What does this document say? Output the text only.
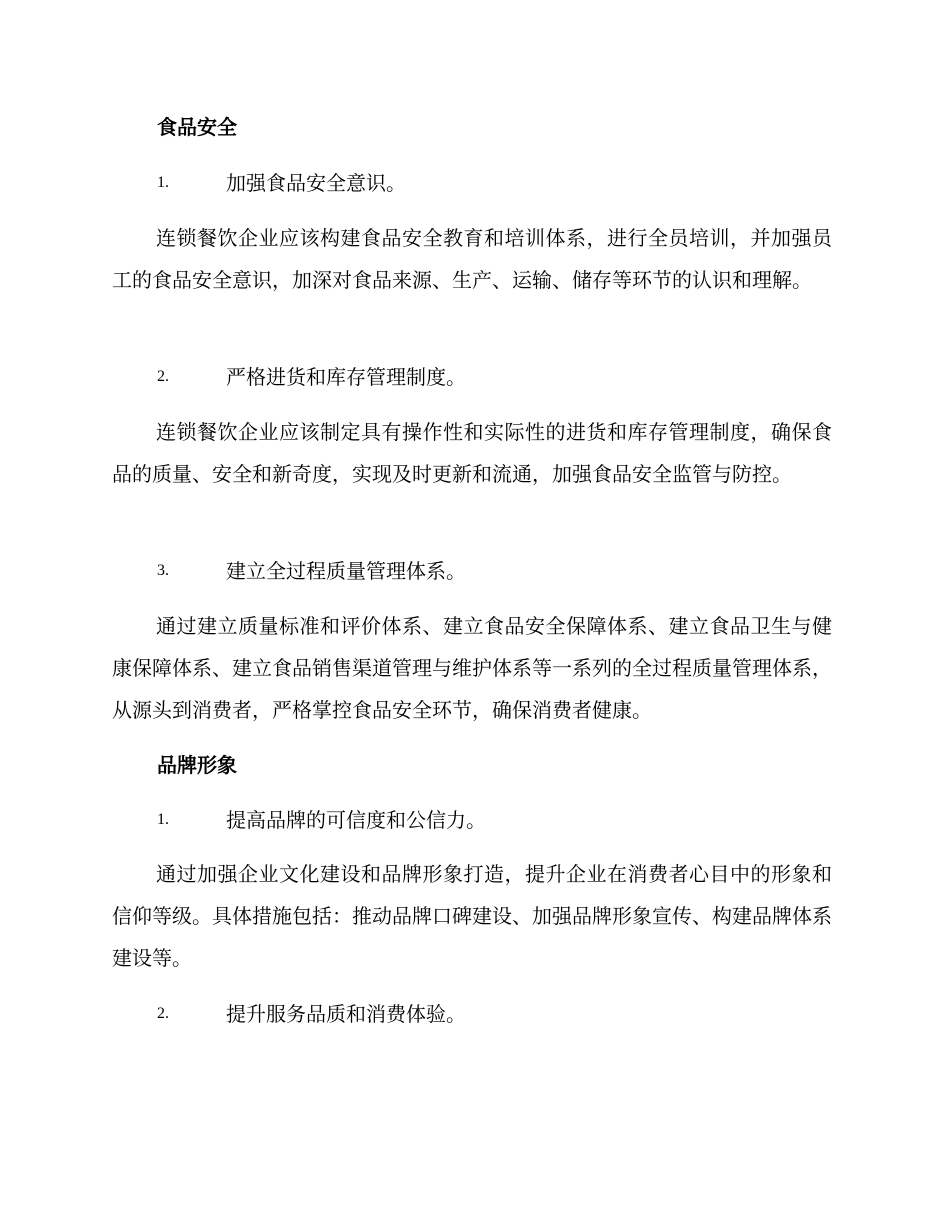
食品安全
1.	加强食品安全意识。

连锁餐饮企业应该构建食品安全教育和培训体系，进行全员培训，并加强员工的食品安全意识，加深对食品来源、生产、运输、储存等环节的认识和理解。

2.	严格进货和库存管理制度。

连锁餐饮企业应该制定具有操作性和实际性的进货和库存管理制度，确保食品的质量、安全和新奇度，实现及时更新和流通，加强食品安全监管与防控。

3.	建立全过程质量管理体系。

通过建立质量标准和评价体系、建立食品安全保障体系、建立食品卫生与健康保障体系、建立食品销售渠道管理与维护体系等一系列的全过程质量管理体系，从源头到消费者，严格掌控食品安全环节，确保消费者健康。

品牌形象
1.	提高品牌的可信度和公信力。

通过加强企业文化建设和品牌形象打造，提升企业在消费者心目中的形象和信仰等级。具体措施包括：推动品牌口碑建设、加强品牌形象宣传、构建品牌体系建设等。

2.	提升服务品质和消费体验。
